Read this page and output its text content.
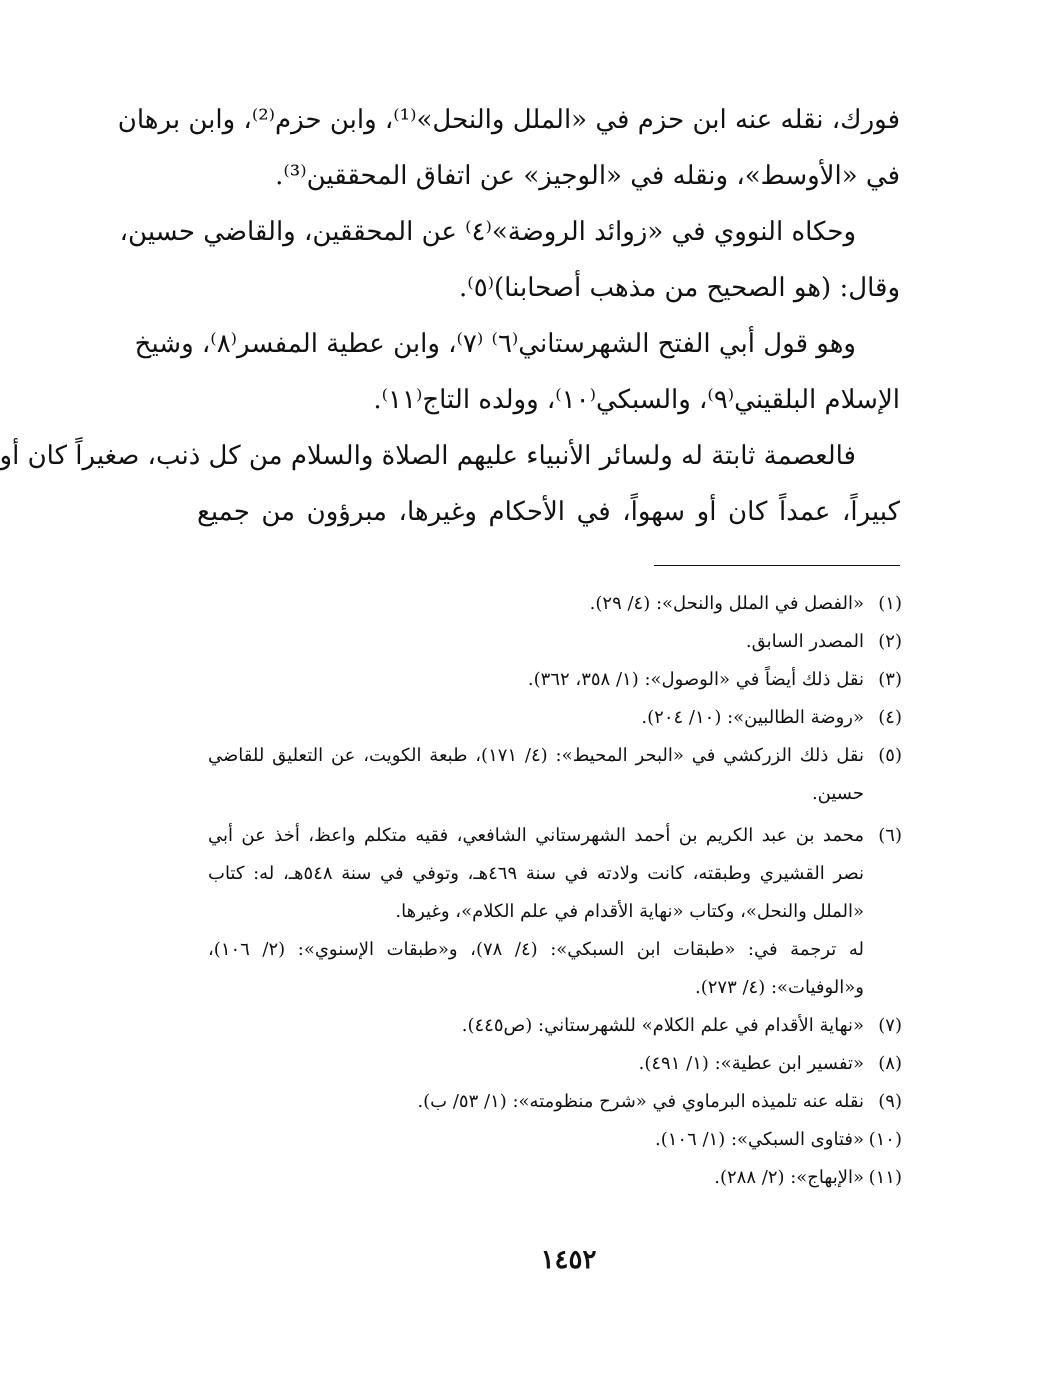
فورك، نقله عنه ابن حزم في «الملل والنحل»⁽¹⁾، وابن حزم⁽²⁾، وابن برهان
في «الأوسط»، ونقله في «الوجيز» عن اتفاق المحققين⁽³⁾.
وحكاه النووي في «زوائد الروضة»⁽٤⁾ عن المحققين، والقاضي حسين،
وقال: (هو الصحيح من مذهب أصحابنا)⁽٥⁾.
وهو قول أبي الفتح الشهرستاني⁽٦⁾ ⁽٧⁾، وابن عطية المفسر⁽٨⁾، وشيخ
الإسلام البلقيني⁽٩⁾، والسبكي⁽١٠⁾، وولده التاج⁽١١⁾.
فالعصمة ثابتة له ولسائر الأنبياء عليهم الصلاة والسلام من كل ذنب، صغيراً كان أو
كبيراً، عمداً كان أو سهواً، في الأحكام وغيرها، مبرؤون من جميع
(١)
«الفصل في الملل والنحل»: (٤/ ٢٩).
(٢)
المصدر السابق.
(٣)
نقل ذلك أيضاً في «الوصول»: (١/ ٣٥٨، ٣٦٢).
(٤)
«روضة الطالبين»: (١٠/ ٢٠٤).
(٥)
نقل ذلك الزركشي في «البحر المحيط»: (٤/ ١٧١)، طبعة الكويت، عن التعليق للقاضي
حسين.
(٦)
محمد بن عبد الكريم بن أحمد الشهرستاني الشافعي، فقيه متكلم واعظ، أخذ عن أبي
نصر القشيري وطبقته، كانت ولادته في سنة ٤٦٩هـ، وتوفي في سنة ٥٤٨هـ، له: كتاب
«الملل والنحل»، وكتاب «نهاية الأقدام في علم الكلام»، وغيرها.
له ترجمة في: «طبقات ابن السبكي»: (٤/ ٧٨)، و«طبقات الإسنوي»: (٢/ ١٠٦)،
و«الوفيات»: (٤/ ٢٧٣).
(٧)
«نهاية الأقدام في علم الكلام» للشهرستاني: (ص٤٤٥).
(٨)
«تفسير ابن عطية»: (١/ ٤٩١).
(٩)
نقله عنه تلميذه البرماوي في «شرح منظومته»: (١/ ٥٣/ ب).
(١٠)
«فتاوى السبكي»: (١/ ١٠٦).
(١١)
«الإبهاج»: (٢/ ٢٨٨).
١٤٥٢
